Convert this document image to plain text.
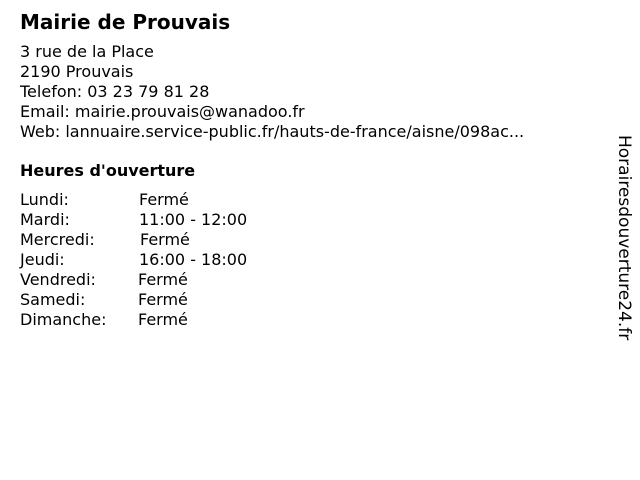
Mairie de Prouvais
3 rue de la Place
2190 Prouvais
Telefon: 03 23 79 81 28
Email: mairie.prouvais@wanadoo.fr
Web: lannuaire.service-public.fr/hauts-de-france/aisne/098ac...
Heures d'ouverture
Lundi:	Fermé
Mardi:	11:00 - 12:00
Mercredi:	Fermé
Jeudi:	16:00 - 18:00
Vendredi:	Fermé
Samedi:	Fermé
Dimanche: Fermé	Horairesdouverture24.fr
